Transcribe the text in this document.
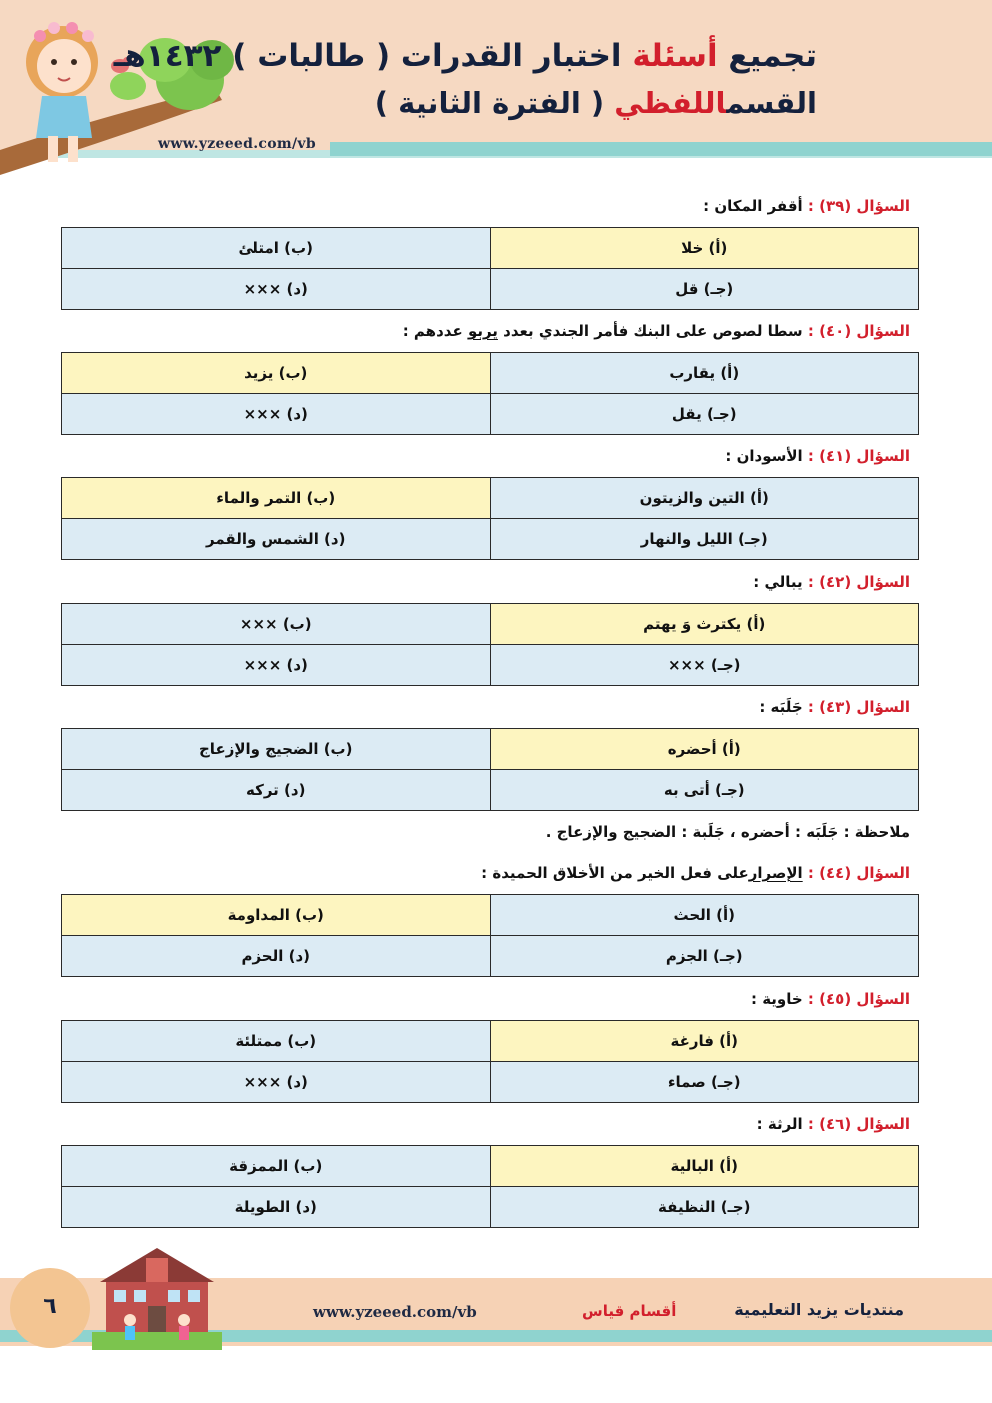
تجميع أسئلة اختبار القدرات ( طالبات ) ١٤٣٢هـ
القسماللفظي ( الفترة الثانية )
www.yzeeed.com/vb
السؤال (٣٩) : أقفر المكان :
(أ) خلا	(ب) امتلئ
(جـ) قل	(د) ×××
السؤال (٤٠) : سطا لصوص على البنك فأمر الجندي بعدد يربو عددهم :
(أ) يقارب	(ب) يزيد
(جـ) يقل	(د) ×××
السؤال (٤١) : الأسودان :
(أ) التين والزيتون	(ب) التمر والماء
(جـ) الليل والنهار	(د) الشمس والقمر
السؤال (٤٢) : يبالي :
(أ) يكترث وَ يهتم	(ب) ×××
(جـ) ×××	(د) ×××
السؤال (٤٣) : جَلَبَه :
(أ) أحضره	(ب) الضجيج والإزعاج
(جـ) أتى به	(د) تركه
ملاحظة : جَلَبَه : أحضره ، جَلَبة : الضجيج والإزعاج .
السؤال (٤٤) : الإصرارعلى فعل الخير من الأخلاق الحميدة :
(أ) الحث	(ب) المداومة
(جـ) الجزم	(د) الحزم
السؤال (٤٥) : خاوية :
(أ) فارغة	(ب) ممتلئة
(جـ) صماء	(د) ×××
السؤال (٤٦) : الرثة :
(أ) البالية	(ب) الممزقة
(جـ) النظيفة	(د) الطويلة
٦	www.yzeeed.com/vb	أقسام قياس	منتديات يزيد التعليمية
